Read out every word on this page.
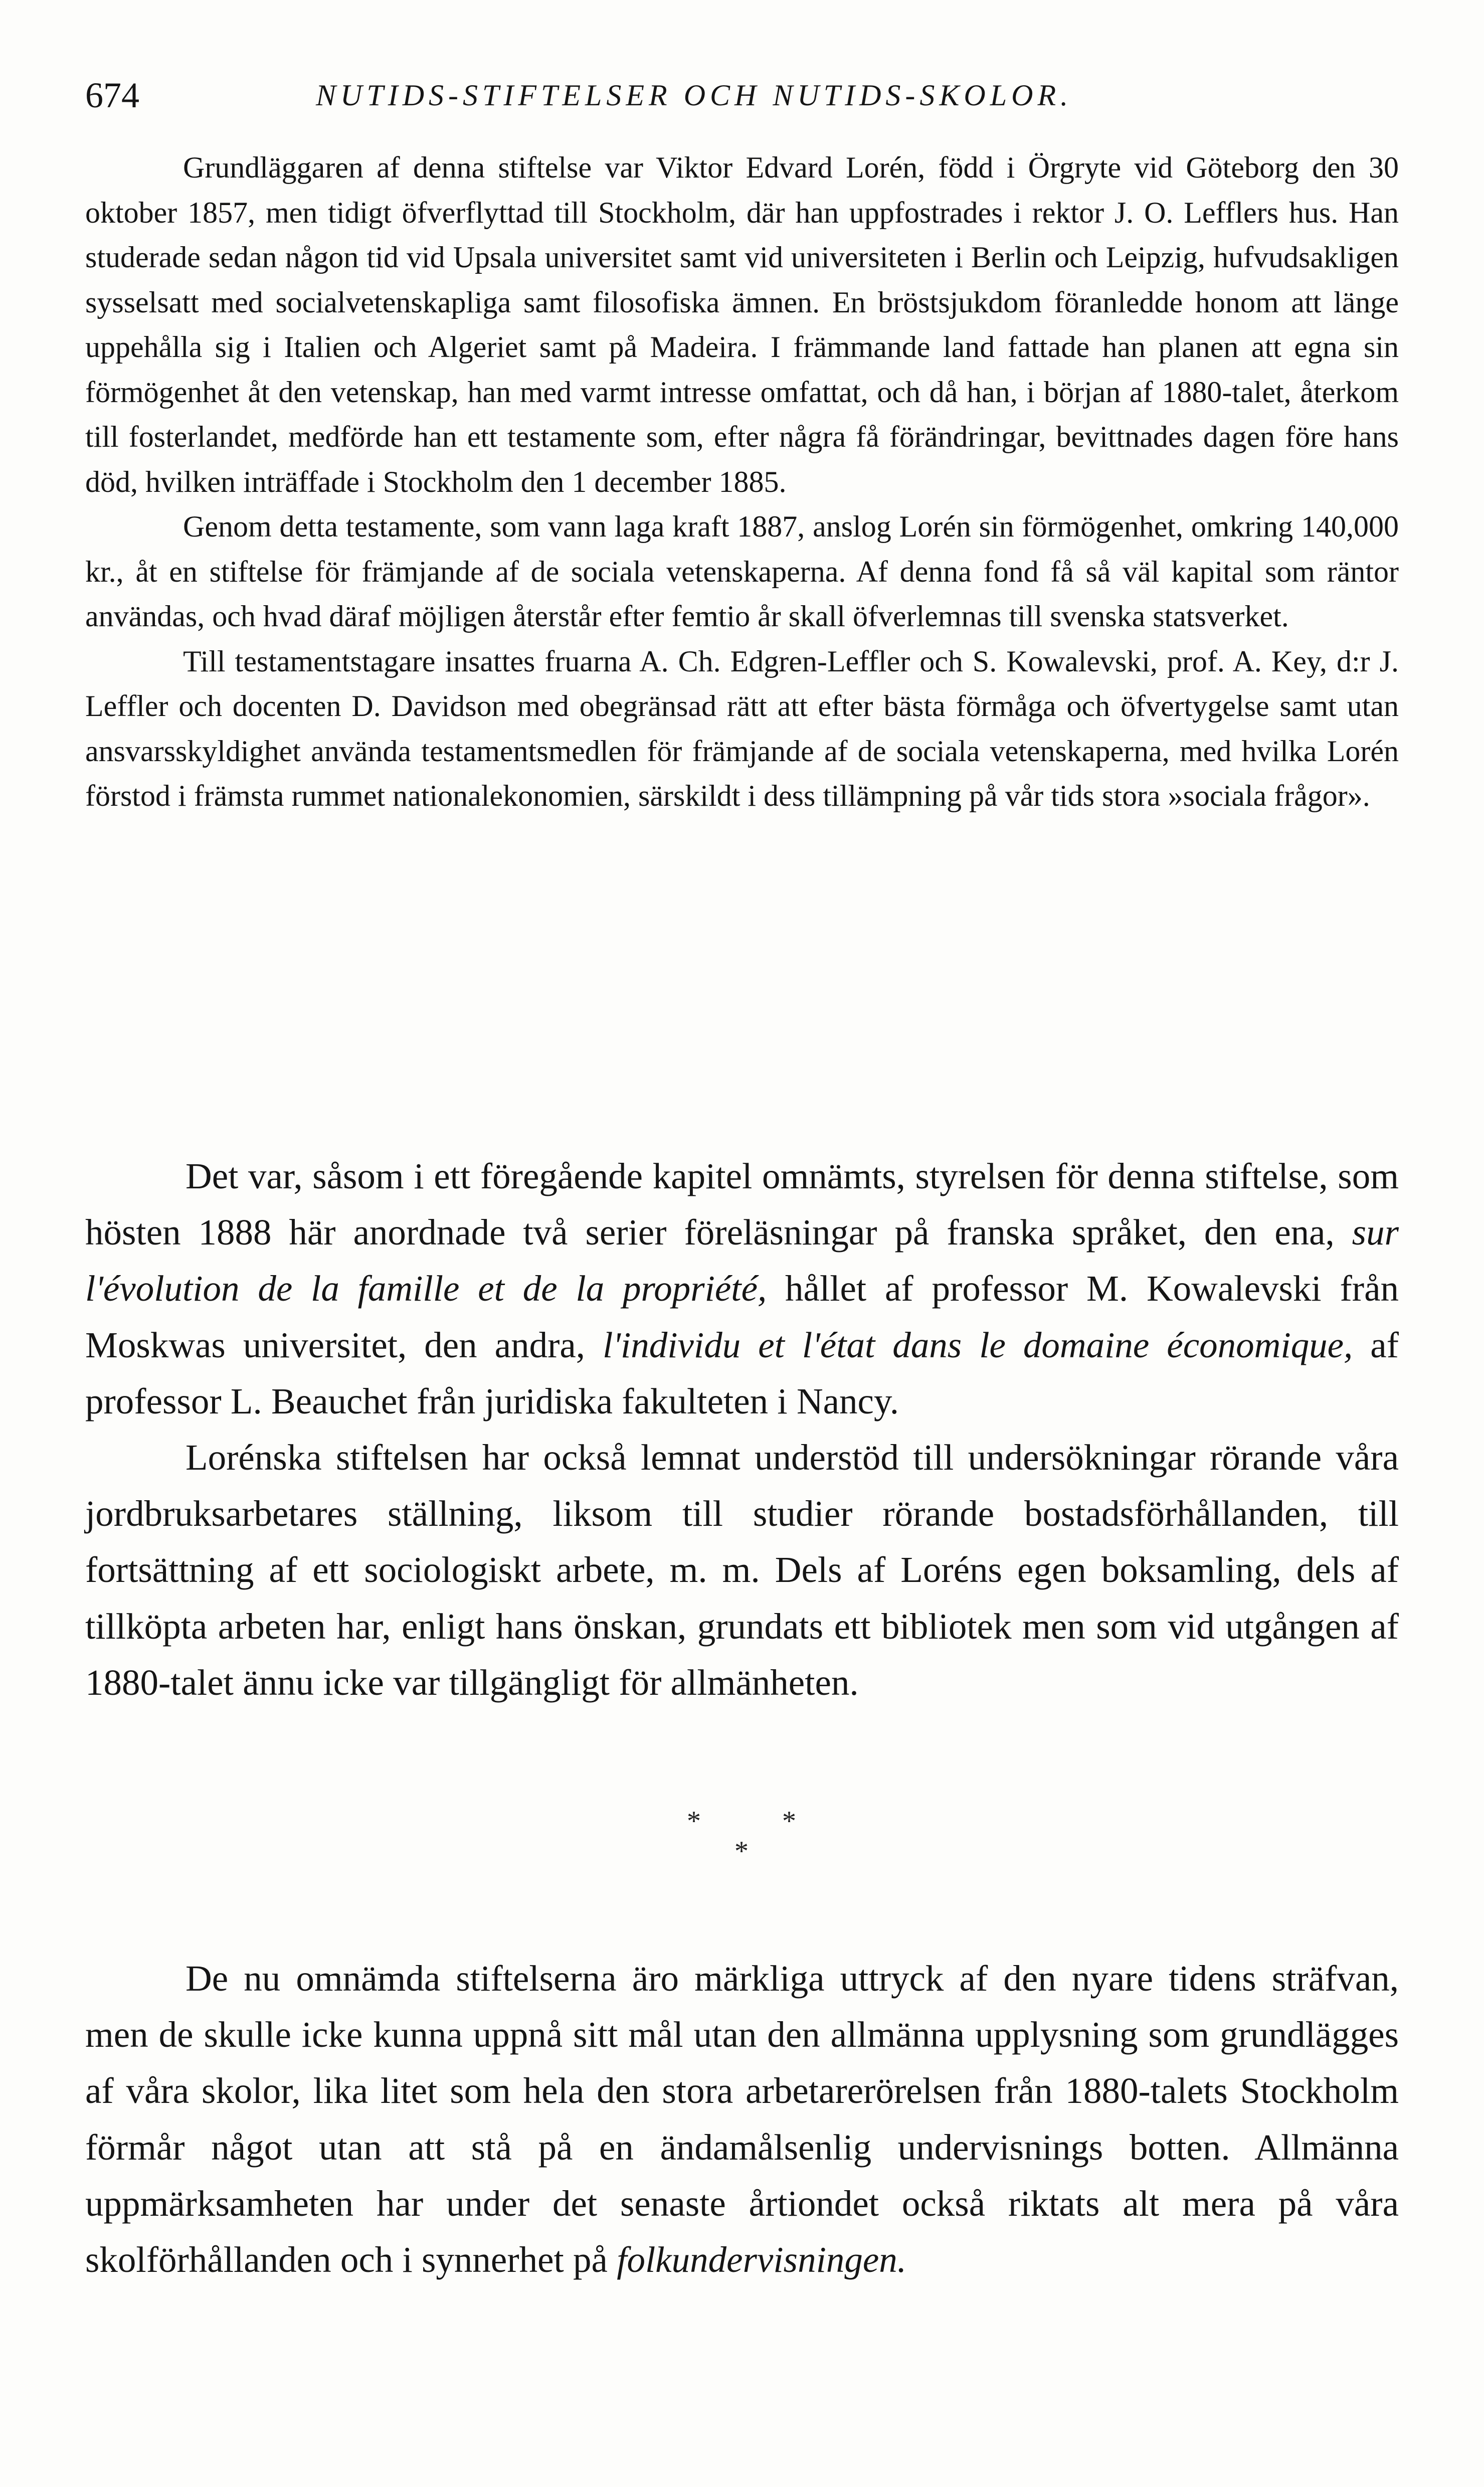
674	NUTIDS-STIFTELSER OCH NUTIDS-SKOLOR.

Grundläggaren af denna stiftelse var Viktor Edvard Lorén, född i Örgryte vid Göteborg den 30 oktober 1857, men tidigt öfverflyttad till Stockholm, där han uppfostrades i rektor J. O. Lefflers hus. Han studerade sedan någon tid vid Upsala universitet samt vid universiteten i Berlin och Leipzig, hufvudsakligen sysselsatt med socialvetenskapliga samt filosofiska ämnen. En bröstsjukdom föranledde honom att länge uppehålla sig i Italien och Algeriet samt på Madeira. I främmande land fattade han planen att egna sin förmögenhet åt den vetenskap, han med varmt intresse omfattat, och då han, i början af 1880-talet, återkom till fosterlandet, medförde han ett testamente som, efter några få förändringar, bevittnades dagen före hans död, hvilken inträffade i Stockholm den 1 december 1885.

Genom detta testamente, som vann laga kraft 1887, anslog Lorén sin förmögenhet, omkring 140,000 kr., åt en stiftelse för främjande af de sociala vetenskaperna. Af denna fond få så väl kapital som räntor användas, och hvad däraf möjligen återstår efter femtio år skall öfverlemnas till svenska statsverket.

Till testamentstagare insattes fruarna A. Ch. Edgren-Leffler och S. Kowalevski, prof. A. Key, d:r J. Leffler och docenten D. Davidson med obegränsad rätt att efter bästa förmåga och öfvertygelse samt utan ansvarsskyldighet använda testamentsmedlen för främjande af de sociala vetenskaperna, med hvilka Lorén förstod i främsta rummet nationalekonomien, särskildt i dess tillämpning på vår tids stora »sociala frågor».

Det var, såsom i ett föregående kapitel omnämts, styrelsen för denna stiftelse, som hösten 1888 här anordnade två serier föreläsningar på franska språket, den ena, sur l'évolution de la famille et de la propriété, hållet af professor M. Kowalevski från Moskwas universitet, den andra, l'individu et l'état dans le domaine économique, af professor L. Beauchet från juridiska fakulteten i Nancy.

Lorénska stiftelsen har också lemnat understöd till undersökningar rörande våra jordbruksarbetares ställning, liksom till studier rörande bostadsförhållanden, till fortsättning af ett sociologiskt arbete, m. m. Dels af Loréns egen boksamling, dels af tillköpta arbeten har, enligt hans önskan, grundats ett bibliotek men som vid utgången af 1880-talet ännu icke var tillgängligt för allmänheten.

*	*
*

De nu omnämda stiftelserna äro märkliga uttryck af den nyare tidens sträfvan, men de skulle icke kunna uppnå sitt mål utan den allmänna upplysning som grundlägges af våra skolor, lika litet som hela den stora arbetarerörelsen från 1880-talets Stockholm förmår något utan att stå på en ändamålsenlig undervisnings botten. Allmänna uppmärksamheten har under det senaste årtiondet också riktats alt mera på våra skolförhållanden och i synnerhet på folkundervisningen.
